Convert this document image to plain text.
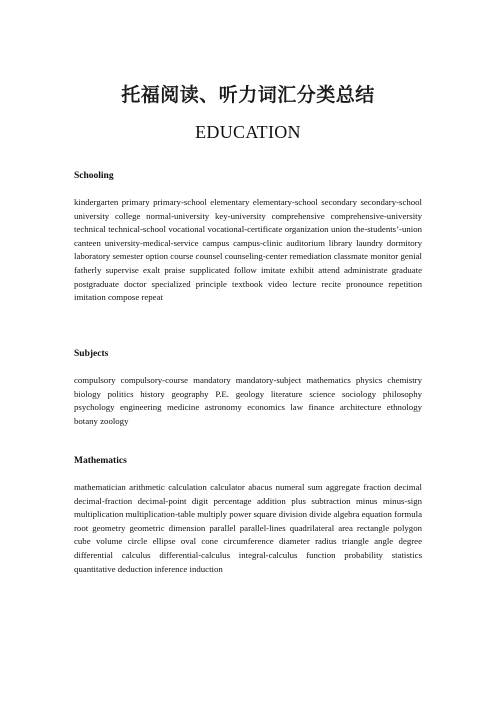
托福阅读、听力词汇分类总结
EDUCATION

Schooling

kindergarten primary primary-school elementary elementary-school secondary secondary-school university college normal-university key-university comprehensive comprehensive-university technical technical-school vocational vocational-certificate organization union the-students’-union canteen university-medical-service campus campus-clinic auditorium library laundry dormitory laboratory semester option course counsel counseling-center remediation classmate monitor genial fatherly supervise exalt praise supplicated follow imitate exhibit attend administrate graduate postgraduate doctor specialized principle textbook video lecture recite pronounce repetition imitation compose repeat

Subjects

compulsory compulsory-course mandatory mandatory-subject mathematics physics chemistry biology politics history geography P.E. geology literature science sociology philosophy psychology engineering medicine astronomy economics law finance architecture ethnology botany zoology

Mathematics

mathematician arithmetic calculation calculator abacus numeral sum aggregate fraction decimal decimal-fraction decimal-point digit percentage addition plus subtraction minus minus-sign multiplication multiplication-table multiply power square division divide algebra equation formula root geometry geometric dimension parallel parallel-lines quadrilateral area rectangle polygon cube volume circle ellipse oval cone circumference diameter radius triangle angle degree differential calculus differential-calculus integral-calculus function probability statistics quantitative deduction inference induction
